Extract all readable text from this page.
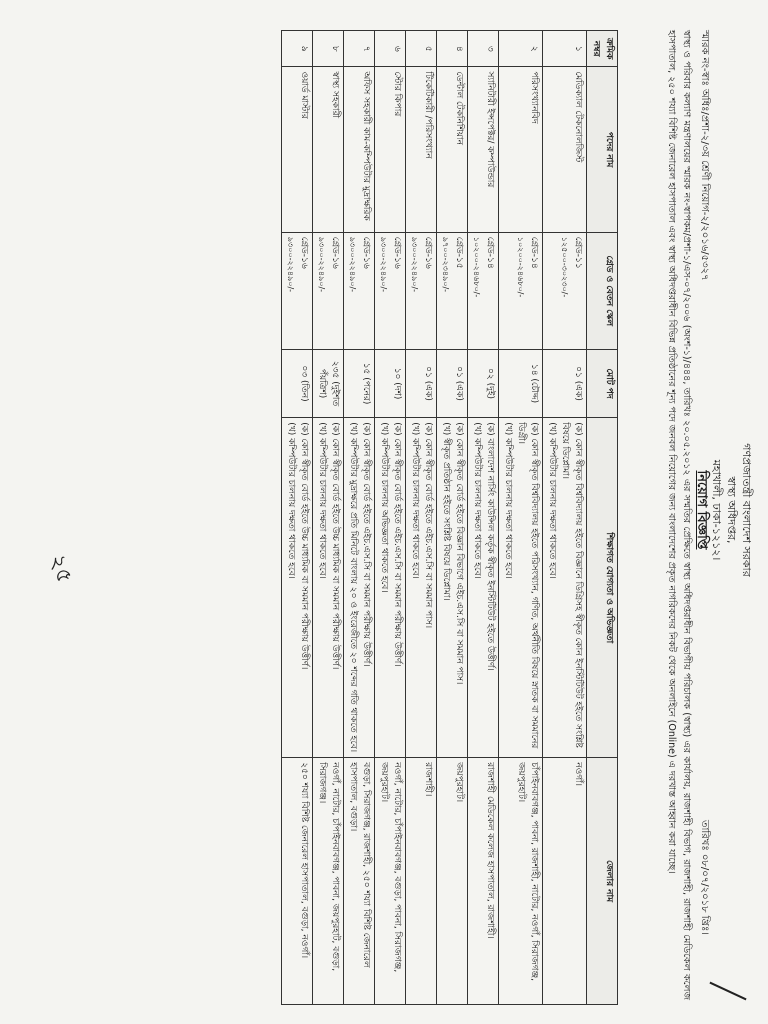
গণপ্রজাতন্ত্রী বাংলাদেশ সরকার
স্বাস্থ্য অধিদপ্তর,
মহাখালী, ঢাকা-১২১২।
নিয়োগ বিজ্ঞপ্তি
স্মারক নং-স্বাঃ অধিঃ/প্রশা-২/৩য় শ্রেণী নিয়োগ-২/২০১৬/৫৩২৭
তারিখঃ ০৮/০৭/২০১৮ খ্রিঃ।
স্বাস্থ্য ও পরিবার কল্যাণ মন্ত্রণালয়ের স্মারক নং-স্বাপকম/প্রশা-১/এস-০৭/২০০৬ (অংশ-১)/৪৪৪, তারিখঃ ২০.০৫.২০১২ এর সম্মতির প্রেক্ষিতে স্বাস্থ্য অধিদপ্তরাধীন বিভাগীয় পরিচালক (স্বাস্থ্য) এর কার্যালয়, রাজশাহী বিভাগ, রাজশাহী, রাজশাহী মেডিকেল কলেজ হাসপাতাল, ২৫০ শয্যা বিশিষ্ট জেনারেল হাসপাতাল এবং স্বাস্থ্য অধিদপ্তরাধীন বিভিন্ন প্রতিষ্ঠানের শূন্য পদে জনবল নিয়োগের জন্য বাংলাদেশের প্রকৃত নাগরিকদের নিকট থেকে অনলাইনে (Online) এ দরখাস্ত আহ্বান করা যাচ্ছে।
ক্রমিক নম্বর	পদের নাম	গ্রেড ও বেতন স্কেল	মোট পদ	শিক্ষাগত যোগ্যতা ও অভিজ্ঞতা	জেলার নাম
১	মেডিক্যাল টেকনোলজিস্ট	গ্রেড-১১
১২৫০০-৩০২৩০/-	০১ (এক)	(ক) কোন স্বীকৃত বিশ্ববিদ্যালয় হইতে বিজ্ঞানে ডিগ্রিসহ স্বীকৃত কোন ইনস্টিটিউট হইতে সংশ্লিষ্ট বিষয়ে ডিপ্লোমা।
(খ) কম্পিউটার চালনায় দক্ষতা থাকতে হবে।	নওগাঁ।
২	পরিসংখ্যানবিদ	গ্রেড-১৪
১০২০০-২৪৬৮০/-	১৪ (চৌদ্দ)	(ক) কোন স্বীকৃত বিশ্ববিদ্যালয় হইতে পরিসংখ্যান, গণিত, অর্থনীতি বিষয়ে স্নাতক বা সমমানের ডিগ্রী।
(খ) কম্পিউটার চালনায় দক্ষতা থাকতে হবে।	চাঁপাইনবাবগঞ্জ, পাবনা, রাজশাহী, নাটোর, নওগাঁ, সিরাজগঞ্জ, জয়পুরহাট।
৩	স্যানিটারী ইন্সপেক্টর/ কম্পাউন্ডার	গ্রেড-১৪
১০২০০-২৪৬৮০/-	০২ (দুই)	(ক) বাংলাদেশ নার্সিং কাউন্সিল কর্তৃক স্বীকৃত ইনস্টিটিউট হইতে উত্তীর্ণ।
(খ) কম্পিউটার চালনায় দক্ষতা থাকতে হবে।	রাজশাহী মেডিকেল কলেজ হাসপাতাল, রাজশাহী।
৪	ডেন্টাল টেকনিশিয়ান	গ্রেড-১৫
৯৭০০-২৩৪৯০/-	০১ (এক)	(ক) কোন স্বীকৃত বোর্ড হইতে বিজ্ঞান বিভাগে এইচ.এস.সি বা সমমান পাস।
(খ) স্বীকৃত প্রতিষ্ঠান হইতে সংশ্লিষ্ট বিষয়ে ডিপ্লোমা।	জয়পুরহাট।
৫	টিকেটিকারী /পরিসংখ্যান	গ্রেড-১৬
৯৩০০-২২৪৯০/-	০১ (এক)	(ক) কোন স্বীকৃত বোর্ড হইতে এইচ.এস.সি বা সমমান পাস।
(খ) কম্পিউটার চালনায় দক্ষতা থাকতে হবে।	রাজশাহী।
৬	স্টোর কিপার	গ্রেড-১৬
৯৩০০-২২৪৯০/-	১০ (দশ)	(ক) কোন স্বীকৃত বোর্ড হইতে এইচ.এস.সি বা সমমান পরীক্ষায় উত্তীর্ণ।
(খ) কম্পিউটার চালনায় অভিজ্ঞতা থাকতে হবে।	নওগাঁ, নাটোর, চাঁপাইনবাবগঞ্জ, বগুড়া, পাবনা, সিরাজগঞ্জ, জয়পুরহাট।
৭	অফিস সহকারী কাম-কম্পিউটার মুদ্রাক্ষরিক	গ্রেড-১৬
৯৩০০-২২৪৯০/-	১৫ (পনের)	(ক) কোন স্বীকৃত বোর্ড হইতে এইচ.এস.সি বা সমমান পরীক্ষায় উত্তীর্ণ।
(খ) কম্পিউটার মুদ্রাক্ষরে প্রতি মিনিটে বাংলায় ২০ ও ইংরেজীতে ২০ শব্দের গতি থাকতে হবে।	বগুড়া, সিরাজগঞ্জ, রাজশাহী, ২৫০ শয্যা বিশিষ্ট জেনারেল হাসপাতাল, বগুড়া।
৮	স্বাস্থ্য সহকারী	গ্রেড-১৬
৯৩০০-২২৪৯০/-	২৩৫ (দুইশত পঁয়ত্রিশ)	(ক) কোন স্বীকৃত বোর্ড হইতে উচ্চ মাধ্যমিক বা সমমান পরীক্ষায় উত্তীর্ণ।
(খ) কম্পিউটার চালনায় দক্ষতা থাকতে হবে।	নওগাঁ, নাটোর, চাঁপাইনবাবগঞ্জ, পাবনা, জয়পুরহাট, বগুড়া, সিরাজগঞ্জ।
৯	ওয়ার্ড মাস্টার	গ্রেড-১৬
৯৩০০-২২৪৯০/-	০৩ (তিন)	(ক) কোন স্বীকৃত বোর্ড হইতে উচ্চ মাধ্যমিক বা সমমান পরীক্ষায় উত্তীর্ণ।
(খ) কম্পিউটার চালনায় দক্ষতা থাকতে হবে।	২৫০ শয্যা বিশিষ্ট জেনারেল হাসপাতাল, বগুড়া, নওগাঁ।
২৫
